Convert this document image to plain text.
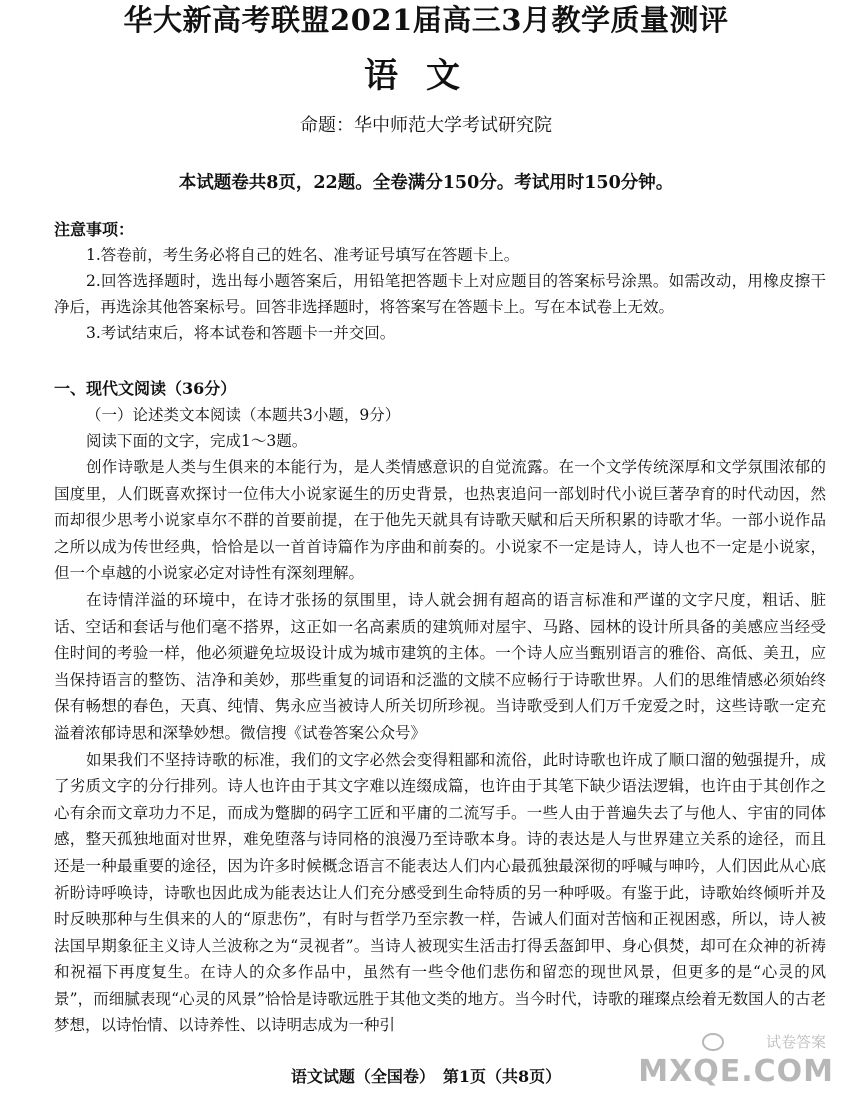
华大新高考联盟2021届高三3月教学质量测评
语文
命题：华中师范大学考试研究院
本试题卷共8页，22题。全卷满分150分。考试用时150分钟。
注意事项：
1.答卷前，考生务必将自己的姓名、准考证号填写在答题卡上。
2.回答选择题时，选出每小题答案后，用铅笔把答题卡上对应题目的答案标号涂黑。如需改动，用橡皮擦干净后，再选涂其他答案标号。回答非选择题时，将答案写在答题卡上。写在本试卷上无效。
3.考试结束后，将本试卷和答题卡一并交回。
一、现代文阅读（36分）
（一）论述类文本阅读（本题共3小题，9分）
阅读下面的文字，完成1～3题。

创作诗歌是人类与生俱来的本能行为，是人类情感意识的自觉流露。在一个文学传统深厚和文学氛围浓郁的国度里，人们既喜欢探讨一位伟大小说家诞生的历史背景，也热衷追问一部划时代小说巨著孕育的时代动因，然而却很少思考小说家卓尔不群的首要前提，在于他先天就具有诗歌天赋和后天所积累的诗歌才华。一部小说作品之所以成为传世经典，恰恰是以一首首诗篇作为序曲和前奏的。小说家不一定是诗人，诗人也不一定是小说家，但一个卓越的小说家必定对诗性有深刻理解。

在诗情洋溢的环境中，在诗才张扬的氛围里，诗人就会拥有超高的语言标准和严谨的文字尺度，粗话、脏话、空话和套话与他们毫不搭界，这正如一名高素质的建筑师对屋宇、马路、园林的设计所具备的美感应当经受住时间的考验一样，他必须避免垃圾设计成为城市建筑的主体。一个诗人应当甄别语言的雅俗、高低、美丑，应当保持语言的整饬、洁净和美妙，那些重复的词语和泛滥的文牍不应畅行于诗歌世界。人们的思维情感必须始终保有畅想的春色，天真、纯情、隽永应当被诗人所关切所珍视。当诗歌受到人们万千宠爱之时，这些诗歌一定充溢着浓郁诗思和深挚妙想。微信搜《试卷答案公众号》

如果我们不坚持诗歌的标准，我们的文字必然会变得粗鄙和流俗，此时诗歌也许成了顺口溜的勉强提升，成了劣质文字的分行排列。诗人也许由于其文字难以连缀成篇，也许由于其笔下缺少语法逻辑，也许由于其创作之心有余而文章功力不足，而成为蹩脚的码字工匠和平庸的二流写手。一些人由于普遍失去了与他人、宇宙的同体感，整天孤独地面对世界，难免堕落与诗同格的浪漫乃至诗歌本身。诗的表达是人与世界建立关系的途径，而且还是一种最重要的途径，因为许多时候概念语言不能表达人们内心最孤独最深彻的呼喊与呻吟，人们因此从心底祈盼诗呼唤诗，诗歌也因此成为能表达让人们充分感受到生命特质的另一种呼吸。有鉴于此，诗歌始终倾听并及时反映那种与生俱来的人的“原悲伤”，有时与哲学乃至宗教一样，告诫人们面对苦恼和正视困惑，所以，诗人被法国早期象征主义诗人兰波称之为“灵视者”。当诗人被现实生活击打得丢盔卸甲、身心俱焚，却可在众神的祈祷和祝福下再度复生。在诗人的众多作品中，虽然有一些令他们悲伤和留恋的现世风景，但更多的是“心灵的风景”，而细腻表现“心灵的风景”恰恰是诗歌远胜于其他文类的地方。当今时代，诗歌的璀璨点绘着无数国人的古老梦想，以诗怡情、以诗养性、以诗明志成为一种引

语文试题（全国卷）　第1页（共8页）
试卷答案
MXQE.COM
